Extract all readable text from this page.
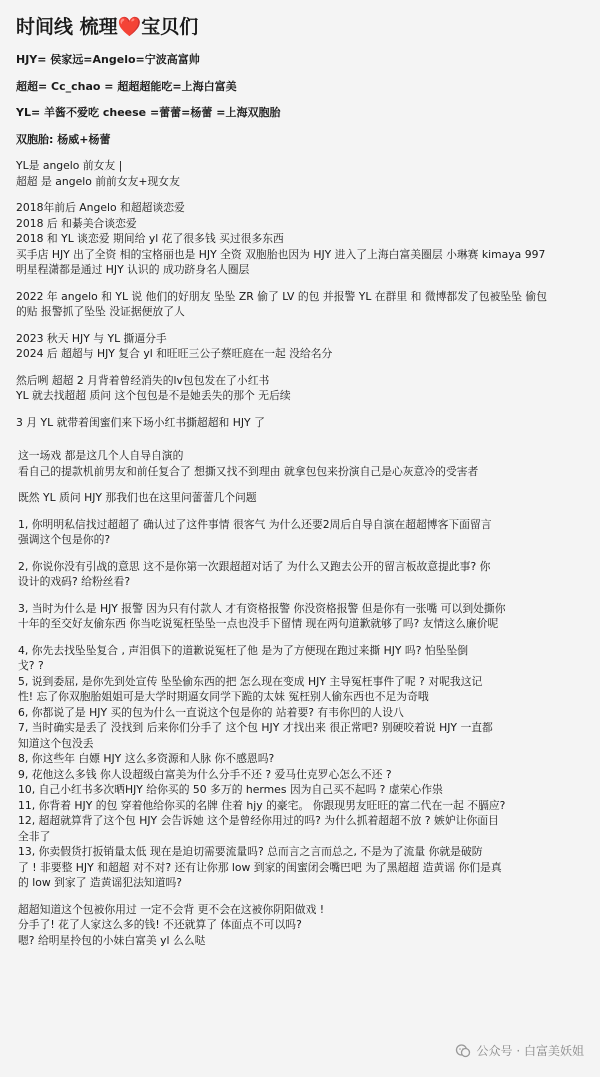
时间线 梳理❤️宝贝们
HJY= 侯家远=Angelo=宁波高富帅
超超= Cc_chao = 超超超能吃=上海白富美
YL= 羊酱不爱吃 cheese =蕾蕾=杨蕾 =上海双胞胎
双胞胎: 杨威+杨蕾
YL是 angelo 前女友 |
超超 是 angelo 前前女友+现女友
2018年前后 Angelo 和超超谈恋爱
2018 后 和綦美合谈恋爱
2018 和 YL 谈恋爱 期间给 yl 花了很多钱 买过很多东西
买手店 HJY 出了全资 相的宝格丽也是 HJY 全资 双胞胎也因为 HJY 进入了上海白富美圈层 小琳赛 kimaya 997
明星程潇都是通过 HJY 认识的 成功跻身名人圈层
2022 年 angelo 和 YL 说 他们的好朋友 坠坠 ZR 偷了 LV 的包 并报警 YL 在群里 和 微博都发了包被坠坠 偷包
的贴 报警抓了坠坠 没证据便放了人
2023 秋天 HJY 与 YL 撕逼分手
2024 后 超超与 HJY 复合 yl 和旺旺三公子蔡旺庭在一起 没给名分
然后咧 超超 2 月背着曾经消失的lv包包发在了小红书
YL 就去找超超 质问 这个包包是不是她丢失的那个 无后续
3 月 YL 就带着闺蜜们来下场小红书撕超超和 HJY 了
这一场戏 都是这几个人自导自演的
看自己的提款机前男友和前任复合了 想撕又找不到理由 就拿包包来扮演自己是心灰意冷的受害者
既然 YL 质问 HJY 那我们也在这里问蕾蕾几个问题
1, 你明明私信找过超超了 确认过了这件事情 很客气 为什么还要2周后自导自演在超超博客下面留言
强调这个包是你的?
2, 你说你没有引战的意思 这不是你第一次跟超超对话了 为什么又跑去公开的留言板故意提此事? 你
设计的戏码? 给粉丝看?
3, 当时为什么是 HJY 报警 因为只有付款人 才有资格报警 你没资格报警 但是你有一张嘴 可以到处撕你
十年的至交好友偷东西 你当吃说冤枉坠坠一点也没手下留情 现在两句道歉就够了吗? 友情这么廉价呢
4, 你先去找坠坠复合 , 声泪俱下的道歉说冤枉了他 是为了方便现在跑过来撕 HJY 吗? 怕坠坠倒
戈? ?
5, 说到委屈, 是你先到处宣传 坠坠偷东西的把 怎么现在变成 HJY 主导冤枉事件了呢 ? 对呢我这记
性! 忘了你双胞胎姐姐可是大学时期逼女同学下跪的太妹 冤枉别人偷东西也不足为奇哦
6, 你都说了是 HJY 买的包为什么一直说这个包是你的 站着要? 有韦你凹的人设八
7, 当时确实是丢了 没找到 后来你们分手了 这个包 HJY 才找出来 很正常吧? 别硬咬着说 HJY 一直都
知道这个包没丢
8, 你这些年 白嫖 HJY 这么多资源和人脉 你不感恩吗?
9, 花他这么多钱 你人设超级白富美为什么分手不还 ? 爱马仕克罗心怎么不还 ?
10, 自己小红书多次晒HJY 给你买的 50 多万的 hermes 因为自己买不起吗 ? 虚荣心作祟
11, 你背着 HJY 的包 穿着他给你买的名牌 住着 hjy 的豪宅。 你跟现男友旺旺的富二代在一起 不膈应?
12, 超超就算背了这个包 HJY 会告诉她 这个是曾经你用过的吗? 为什么抓着超超不放 ? 嫉妒让你面目
全非了
13, 你卖假货打扳销量太低 现在是迫切需要流量吗? 总而言之言而总之, 不是为了流量 你就是破防
了 ! 非要整 HJY 和超超 对不对? 还有让你那 low 到家的闺蜜闭会嘴巴吧 为了黑超超 造黄谣 你们是真
的 low 到家了 造黄谣犯法知道吗?
超超知道这个包被你用过 一定不会背 更不会在这被你阴阳做戏 !
分手了! 花了人家这么多的钱! 不还就算了 体面点不可以吗?
嗯? 给明星拎包的小妹白富美 yl 么么哒
公众号 · 白富美妖姐
